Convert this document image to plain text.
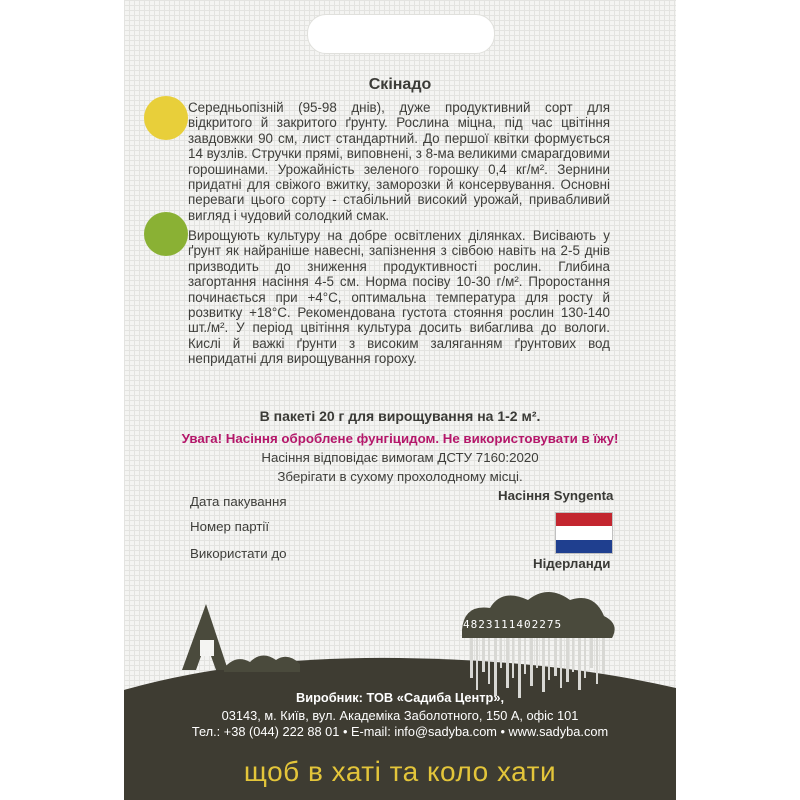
Скінадо

Середньопізній (95-98 днів), дуже продуктивний сорт для відкритого й закритого ґрунту. Рослина міцна, під час цвітіння завдовжки 90 см, лист стандартний. До першої квітки формується 14 вузлів. Стручки прямі, виповнені, з 8-ма великими смарагдовими горошинами. Урожайність зеленого горошку 0,4 кг/м². Зернини придатні для свіжого вжитку, заморозки й консервування. Основні переваги цього сорту - стабільний високий урожай, привабливий вигляд і чудовий солодкий смак.

Вирощують культуру на добре освітлених ділянках. Висівають у ґрунт як найраніше навесні, запізнення з сівбою навіть на 2-5 днів призводить до зниження продуктивності рослин. Глибина загортання насіння 4-5 см. Норма посіву 10-30 г/м². Проростання починається при +4°С, оптимальна температура для росту й розвитку +18°С. Рекомендована густота стояння рослин 130-140 шт./м². У період цвітіння культура досить вибаглива до вологи. Кислі й важкі ґрунти з високим заляганням ґрунтових вод непридатні для вирощування гороху.

В пакеті 20 г для вирощування на 1-2 м².
Увага! Насіння оброблене фунгіцидом. Не використовувати в їжу!
Насіння відповідає вимогам ДСТУ 7160:2020
Зберігати в сухому прохолодному місці.
Дата пакування
Номер партії
Використати до
Насіння Syngenta
Нідерланди
4823111402275
Виробник: ТОВ «Садиба Центр»,
03143, м. Київ, вул. Академіка Заболотного, 150 А, офіс 101
Тел.: +38 (044) 222 88 01 • E-mail: info@sadyba.com • www.sadyba.com
щоб в хаті та коло хати
